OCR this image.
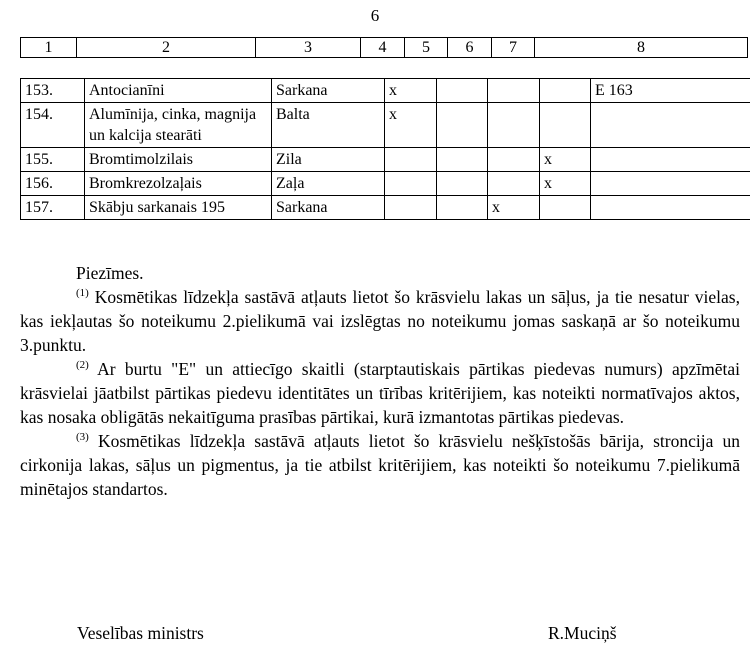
6
1	2	3	4	5	6	7	8
153.	Antocianīni	Sarkana	x				E 163
154.	Alumīnija, cinka, magnija un kalcija stearāti	Balta	x				
155.	Bromtimolzilais	Zila				x	
156.	Bromkrezolzaļais	Zaļa				x	
157.	Skābju sarkanais 195	Sarkana			x		

Piezīmes.

$^{(1)}$ Kosmētikas līdzekļa sastāvā atļauts lietot šo krāsvielu lakas un sāļus, ja tie nesatur vielas, kas iekļautas šo noteikumu 2.pielikumā vai izslēgtas no noteikumu jomas saskaņā ar šo noteikumu 3.punktu.

$^{(2)}$ Ar burtu "E" un attiecīgo skaitli (starptautiskais pārtikas piedevas numurs) apzīmētai krāsvielai jāatbilst pārtikas piedevu identitātes un tīrības kritērijiem, kas noteikti normatīvajos aktos, kas nosaka obligātās nekaitīguma prasības pārtikai, kurā izmantotas pārtikas piedevas.

$^{(3)}$ Kosmētikas līdzekļa sastāvā atļauts lietot šo krāsvielu nešķīstošās bārija, stroncija un cirkonija lakas, sāļus un pigmentus, ja tie atbilst kritērijiem, kas noteikti šo noteikumu 7.pielikumā minētajos standartos.

Veselības ministrs	R.Muciņš
